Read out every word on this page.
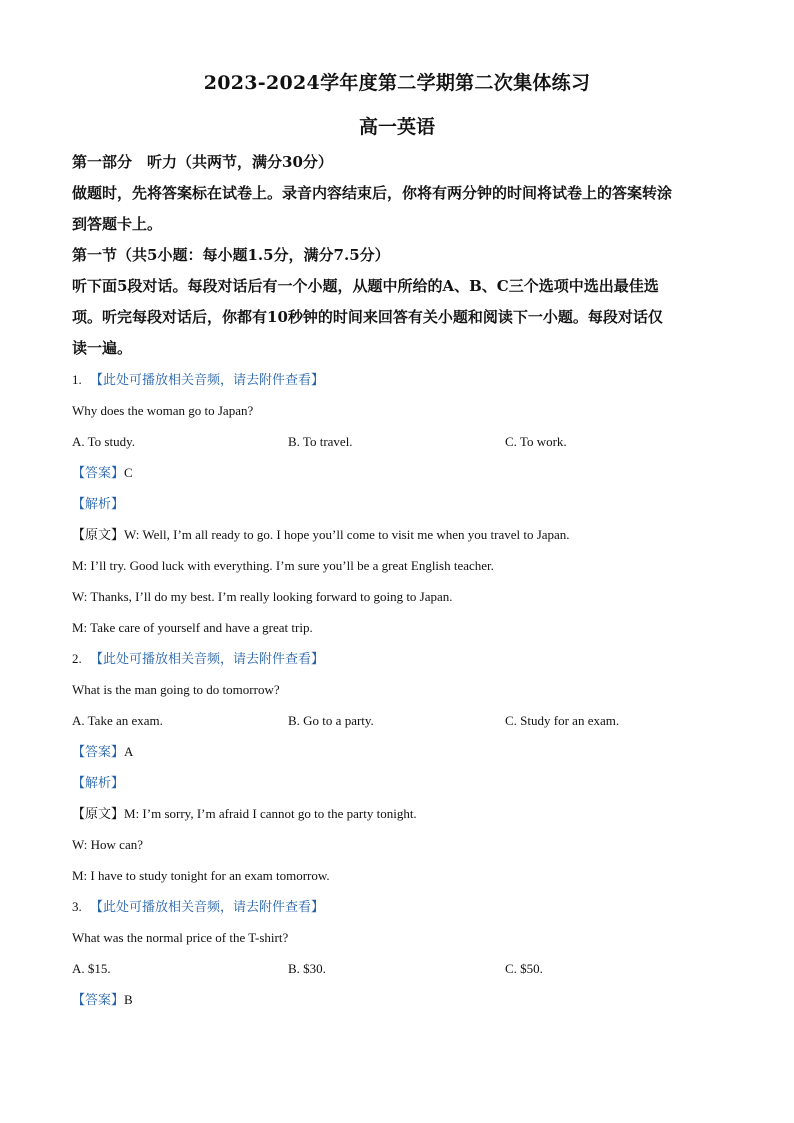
2023-2024学年度第二学期第二次集体练习
高一英语

第一部分　听力（共两节，满分30分）

做题时，先将答案标在试卷上。录音内容结束后，你将有两分钟的时间将试卷上的答案转涂

到答题卡上。

第一节（共5小题：每小题1.5分，满分7.5分）

听下面5段对话。每段对话后有一个小题，从题中所给的A、B、C三个选项中选出最佳选

项。听完每段对话后，你都有10秒钟的时间来回答有关小题和阅读下一小题。每段对话仅

读一遍。

1. 【此处可播放相关音频，请去附件查看】

Why does the woman go to Japan?

A. To study.	B. To travel.	C. To work.

【答案】C

【解析】

【原文】W: Well, I’m all ready to go. I hope you’ll come to visit me when you travel to Japan.

M: I’ll try. Good luck with everything. I’m sure you’ll be a great English teacher.

W: Thanks, I’ll do my best. I’m really looking forward to going to Japan.

M: Take care of yourself and have a great trip.

2. 【此处可播放相关音频，请去附件查看】

What is the man going to do tomorrow?

A. Take an exam.	B. Go to a party.	C. Study for an exam.

【答案】A

【解析】

【原文】M: I’m sorry, I’m afraid I cannot go to the party tonight.

W: How can?

M: I have to study tonight for an exam tomorrow.

3. 【此处可播放相关音频，请去附件查看】

What was the normal price of the T-shirt?

A. $15.	B. $30.	C. $50.

【答案】B
